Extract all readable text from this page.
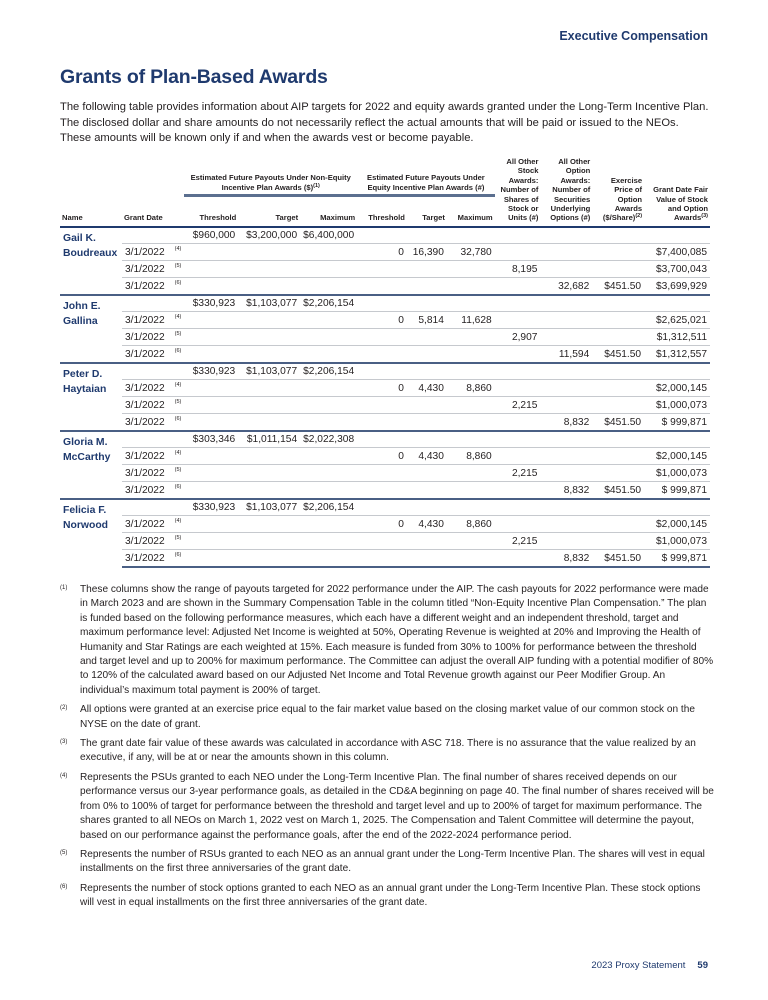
Executive Compensation
Grants of Plan-Based Awards

The following table provides information about AIP targets for 2022 and equity awards granted under the Long-Term Incentive Plan. The disclosed dollar and share amounts do not necessarily reflect the actual amounts that will be paid or issued to the NEOs. These amounts will be known only if and when the awards vest or become payable.

		Estimated Future Payouts Under Non-Equity Incentive Plan Awards ($)$^{(1)}$			Estimated Future Payouts Under Equity Incentive Plan Awards (#)			All Other Stock Awards: Number of Shares of Stock or Units (#)	All Other Option Awards: Number of Securities Underlying Options (#)	Exercise Price of Option Awards ($/Share)$^{(2)}$	Grant Date Fair Value of Stock and Option Awards$^{(3)}$
Name	Grant Date	Threshold	Target	Maximum	Threshold	Target	Maximum				
Gail K. Boudreaux		$960,000	$3,200,000	$6,400,000							
	3/1/2022 $^{(4)}$				0	16,390	32,780				$7,400,085
	3/1/2022 $^{(5)}$							8,195			$3,700,043
	3/1/2022 $^{(6)}$								32,682	$451.50	$3,699,929
John E. Gallina		$330,923	$1,103,077	$2,206,154							
	3/1/2022 $^{(4)}$				0	5,814	11,628				$2,625,021
	3/1/2022 $^{(5)}$							2,907			$1,312,511
	3/1/2022 $^{(6)}$								11,594	$451.50	$1,312,557
Peter D. Haytaian		$330,923	$1,103,077	$2,206,154							
	3/1/2022 $^{(4)}$				0	4,430	8,860				$2,000,145
	3/1/2022 $^{(5)}$							2,215			$1,000,073
	3/1/2022 $^{(6)}$								8,832	$451.50	$ 999,871
Gloria M. McCarthy		$303,346	$1,011,154	$2,022,308							
	3/1/2022 $^{(4)}$				0	4,430	8,860				$2,000,145
	3/1/2022 $^{(5)}$							2,215			$1,000,073
	3/1/2022 $^{(6)}$								8,832	$451.50	$ 999,871
Felicia F. Norwood		$330,923	$1,103,077	$2,206,154							
	3/1/2022 $^{(4)}$				0	4,430	8,860				$2,000,145
	3/1/2022 $^{(5)}$							2,215			$1,000,073
	3/1/2022 $^{(6)}$								8,832	$451.50	$ 999,871
(1)	These columns show the range of payouts targeted for 2022 performance under the AIP. The cash payouts for 2022 performance were made in March 2023 and are shown in the Summary Compensation Table in the column titled “Non-Equity Incentive Plan Compensation.” The plan is funded based on the following performance measures, which each have a different weight and an independent threshold, target and maximum performance level: Adjusted Net Income is weighted at 50%, Operating Revenue is weighted at 20% and Improving the Health of Humanity and Star Ratings are each weighted at 15%. Each measure is funded from 30% to 100% for performance between the threshold and target level and up to 200% for maximum performance. The Committee can adjust the overall AIP funding with a potential modifier of 80% to 120% of the calculated award based on our Adjusted Net Income and Total Revenue growth against our Peer Modifier Group. An individual’s maximum total payment is 200% of target.
(2)	All options were granted at an exercise price equal to the fair market value based on the closing market value of our common stock on the NYSE on the date of grant.
(3)	The grant date fair value of these awards was calculated in accordance with ASC 718. There is no assurance that the value realized by an executive, if any, will be at or near the amounts shown in this column.
(4)	Represents the PSUs granted to each NEO under the Long-Term Incentive Plan. The final number of shares received depends on our performance versus our 3-year performance goals, as detailed in the CD&A beginning on page 40. The final number of shares received will be from 0% to 100% of target for performance between the threshold and target level and up to 200% of target for maximum performance. The shares granted to all NEOs on March 1, 2022 vest on March 1, 2025. The Compensation and Talent Committee will determine the payout, based on our performance against the performance goals, after the end of the 2022-2024 performance period.
(5)	Represents the number of RSUs granted to each NEO as an annual grant under the Long-Term Incentive Plan. The shares will vest in equal installments on the first three anniversaries of the grant date.
(6)	Represents the number of stock options granted to each NEO as an annual grant under the Long-Term Incentive Plan. These stock options will vest in equal installments on the first three anniversaries of the grant date.
2023 Proxy Statement 59
